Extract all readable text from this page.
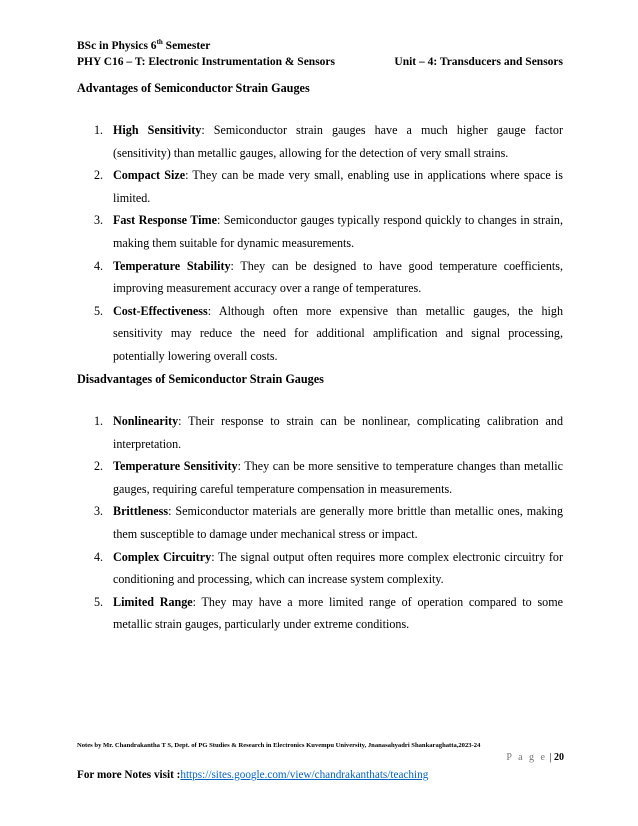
BSc in Physics 6th Semester
PHY C16 – T: Electronic Instrumentation & Sensors	Unit – 4: Transducers and Sensors

Advantages of Semiconductor Strain Gauges

1. High Sensitivity: Semiconductor strain gauges have a much higher gauge factor (sensitivity) than metallic gauges, allowing for the detection of very small strains.
2. Compact Size: They can be made very small, enabling use in applications where space is limited.
3. Fast Response Time: Semiconductor gauges typically respond quickly to changes in strain, making them suitable for dynamic measurements.
4. Temperature Stability: They can be designed to have good temperature coefficients, improving measurement accuracy over a range of temperatures.
5. Cost-Effectiveness: Although often more expensive than metallic gauges, the high sensitivity may reduce the need for additional amplification and signal processing, potentially lowering overall costs.

Disadvantages of Semiconductor Strain Gauges

1. Nonlinearity: Their response to strain can be nonlinear, complicating calibration and interpretation.
2. Temperature Sensitivity: They can be more sensitive to temperature changes than metallic gauges, requiring careful temperature compensation in measurements.
3. Brittleness: Semiconductor materials are generally more brittle than metallic ones, making them susceptible to damage under mechanical stress or impact.
4. Complex Circuitry: The signal output often requires more complex electronic circuitry for conditioning and processing, which can increase system complexity.
5. Limited Range: They may have a more limited range of operation compared to some metallic strain gauges, particularly under extreme conditions.
Notes by Mr. Chandrakantha T S, Dept. of PG Studies & Research in Electronics Kuvempu University, Jnanasahyadri Shankaraghatta,2023-24
P a g e | 20
For more Notes visit :https://sites.google.com/view/chandrakanthats/teaching
